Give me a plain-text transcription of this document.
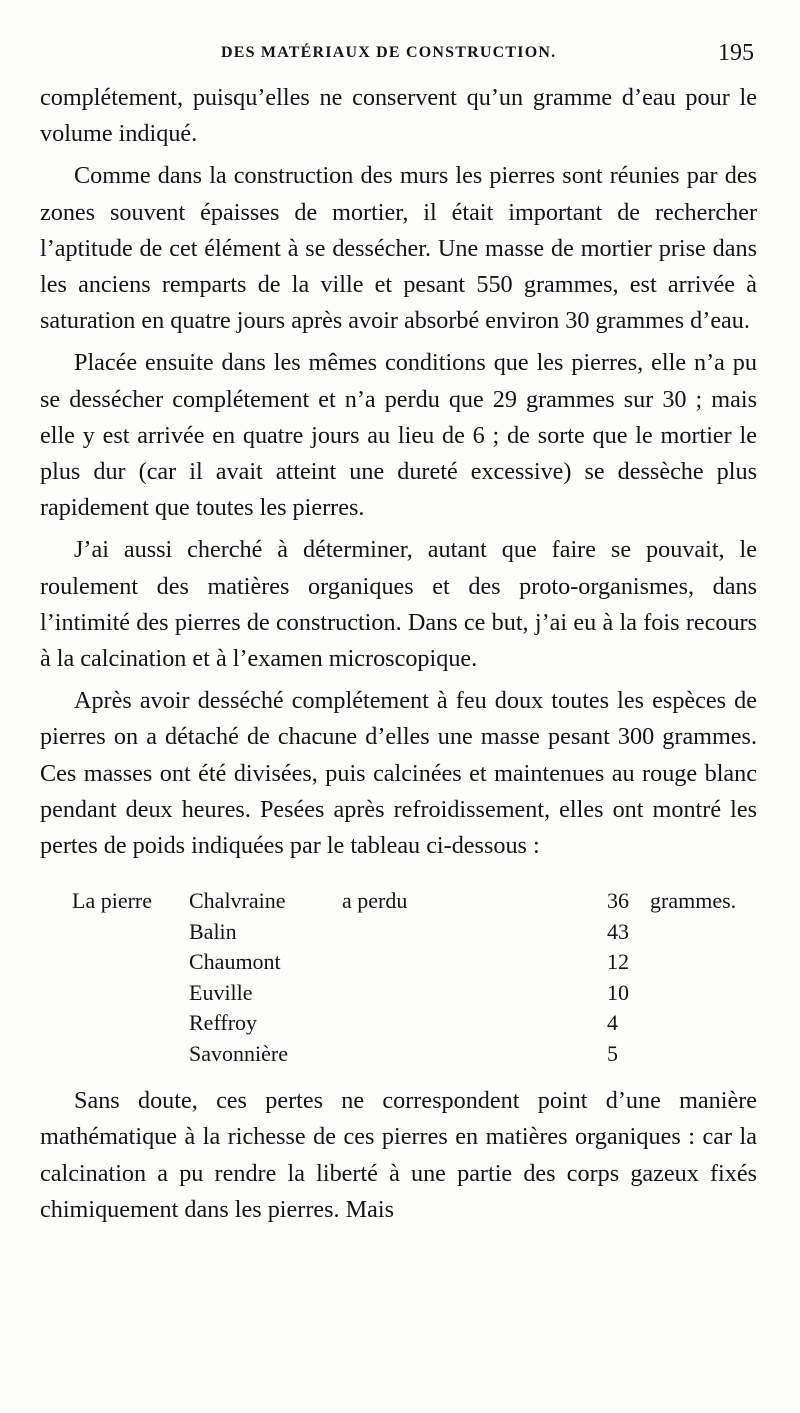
DES MATÉRIAUX DE CONSTRUCTION.	195

complétement, puisqu’elles ne conservent qu’un gramme d’eau pour le volume indiqué.

Comme dans la construction des murs les pierres sont réunies par des zones souvent épaisses de mortier, il était important de rechercher l’aptitude de cet élément à se dessécher. Une masse de mortier prise dans les anciens remparts de la ville et pesant 550 grammes, est arrivée à saturation en quatre jours après avoir absorbé environ 30 grammes d’eau.

Placée ensuite dans les mêmes conditions que les pierres, elle n’a pu se dessécher complétement et n’a perdu que 29 grammes sur 30 ; mais elle y est arrivée en quatre jours au lieu de 6 ; de sorte que le mortier le plus dur (car il avait atteint une dureté excessive) se dessèche plus rapidement que toutes les pierres.

J’ai aussi cherché à déterminer, autant que faire se pouvait, le roulement des matières organiques et des proto-organismes, dans l’intimité des pierres de construction. Dans ce but, j’ai eu à la fois recours à la calcination et à l’examen microscopique.

Après avoir desséché complétement à feu doux toutes les espèces de pierres on a détaché de chacune d’elles une masse pesant 300 grammes. Ces masses ont été divisées, puis calcinées et maintenues au rouge blanc pendant deux heures. Pesées après refroidissement, elles ont montré les pertes de poids indiquées par le tableau ci-dessous :

La pierre Chalvraine	a perdu	36 grammes.
Balin	43
Chaumont	12
Euville	10
Reffroy	4
Savonnière	5

Sans doute, ces pertes ne correspondent point d’une manière mathématique à la richesse de ces pierres en matières organiques : car la calcination a pu rendre la liberté à une partie des corps gazeux fixés chimiquement dans les pierres. Mais
